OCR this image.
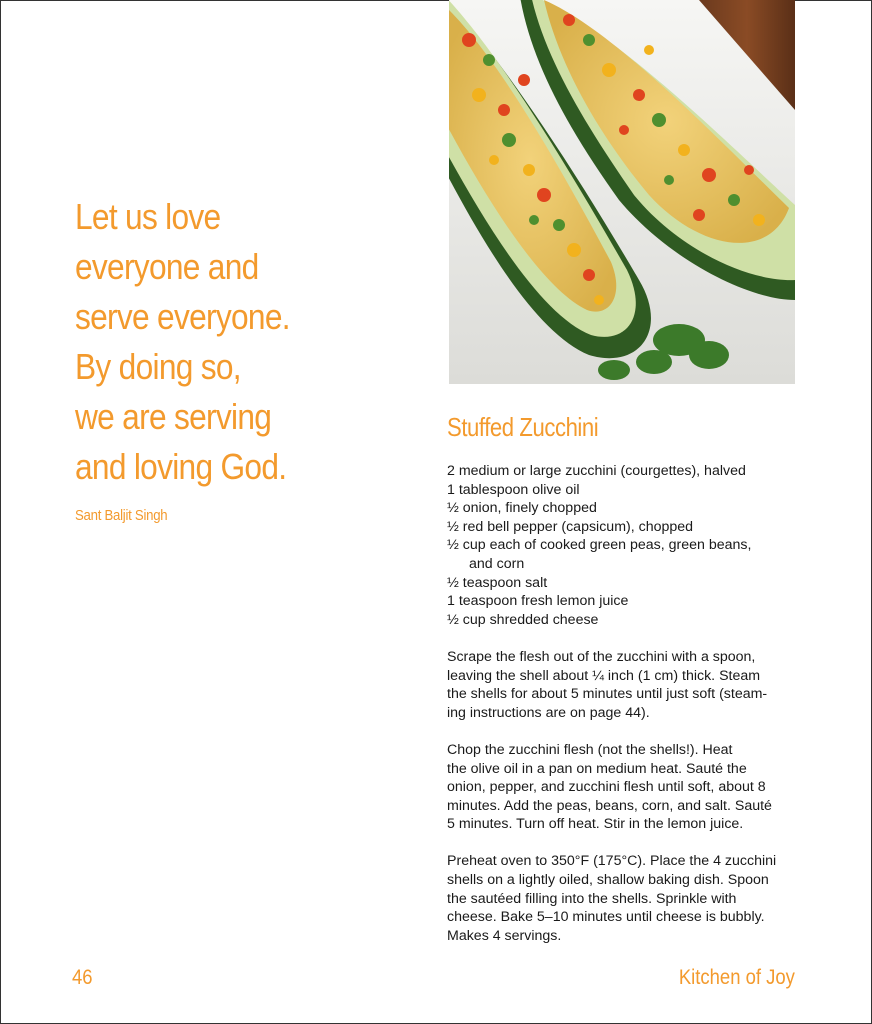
Let us love
everyone and
serve everyone.
By doing so,
we are serving
and loving God.
Sant Baljit Singh
Stuffed Zucchini
2 medium or large zucchini (courgettes), halved
1 tablespoon olive oil
½ onion, finely chopped
½ red bell pepper (capsicum), chopped
½ cup each of cooked green peas, green beans,
and corn
½ teaspoon salt
1 teaspoon fresh lemon juice
½ cup shredded cheese
Scrape the flesh out of the zucchini with a spoon,
leaving the shell about ¼ inch (1 cm) thick. Steam
the shells for about 5 minutes until just soft (steam-
ing instructions are on page 44).
Chop the zucchini flesh (not the shells!). Heat
the olive oil in a pan on medium heat. Sauté the
onion, pepper, and zucchini flesh until soft, about 8
minutes. Add the peas, beans, corn, and salt. Sauté
5 minutes. Turn off heat. Stir in the lemon juice.
Preheat oven to 350°F (175°C). Place the 4 zucchini
shells on a lightly oiled, shallow baking dish. Spoon
the sautéed filling into the shells. Sprinkle with
cheese. Bake 5–10 minutes until cheese is bubbly.
Makes 4 servings.
46	Kitchen of Joy
